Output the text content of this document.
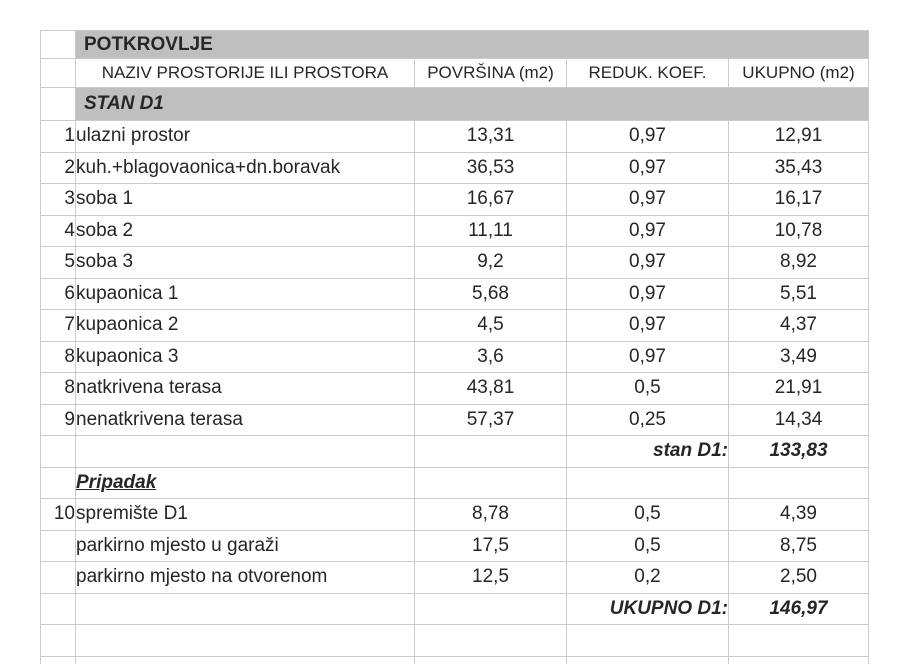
	POTKROVLJE			
	NAZIV PROSTORIJE ILI PROSTORA	POVRŠINA (m2)	REDUK. KOEF.	UKUPNO (m2)
	STAN D1			
1	ulazni prostor	13,31	0,97	12,91
2	kuh.+blagovaonica+dn.boravak	36,53	0,97	35,43
3	soba 1	16,67	0,97	16,17
4	soba 2	11,11	0,97	10,78
5	soba 3	9,2	0,97	8,92
6	kupaonica 1	5,68	0,97	5,51
7	kupaonica 2	4,5	0,97	4,37
8	kupaonica 3	3,6	0,97	3,49
8	natkrivena terasa	43,81	0,5	21,91
9	nenatkrivena terasa	57,37	0,25	14,34
			stan D1:	133,83
	Pripadak			
10	spremište D1	8,78	0,5	4,39
	parkirno mjesto u garaži	17,5	0,5	8,75
	parkirno mjesto na otvorenom	12,5	0,2	2,50
			UKUPNO D1:	146,97
